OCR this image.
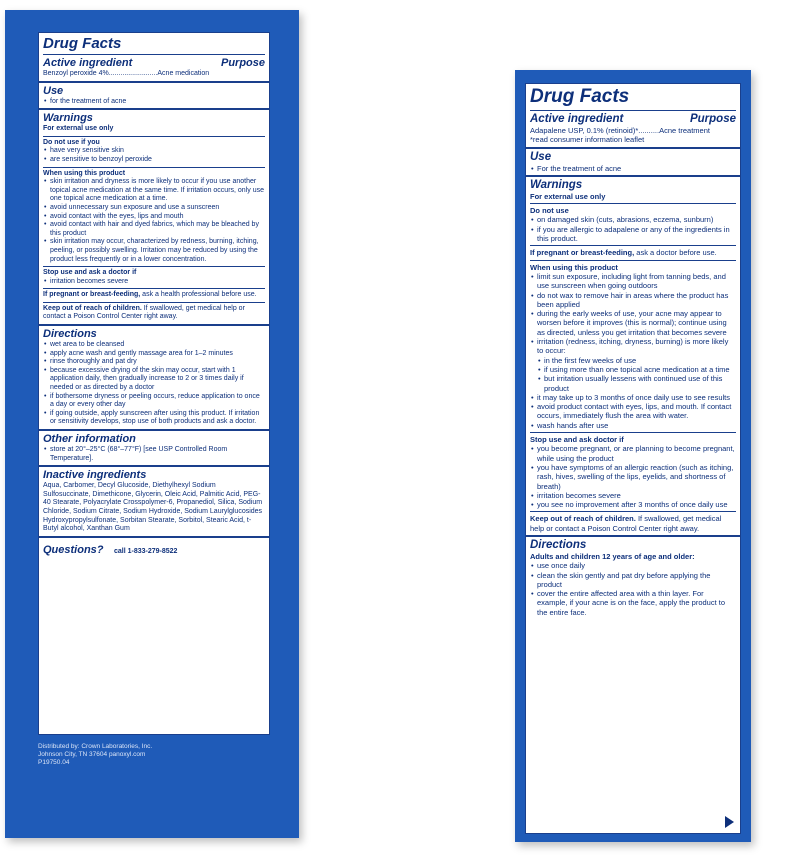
Drug Facts
Active ingredient	Purpose
Benzoyl peroxide 4%.........................Acne medication
Use
• for the treatment of acne
Warnings
For external use only
Do not use if you
• have very sensitive skin
• are sensitive to benzoyl peroxide
When using this product
• skin irritation and dryness is more likely to occur if you use another topical acne medication at the same time. If irritation occurs, only use one topical acne medication at a time.
• avoid unnecessary sun exposure and use a sunscreen
• avoid contact with the eyes, lips and mouth
• avoid contact with hair and dyed fabrics, which may be bleached by this product
• skin irritation may occur, characterized by redness, burning, itching, peeling, or possibly swelling. Irritation may be reduced by using the product less frequently or in a lower concentration.
Stop use and ask a doctor if
• irritation becomes severe
If pregnant or breast-feeding, ask a health professional before use.
Keep out of reach of children. If swallowed, get medical help or contact a Poison Control Center right away.
Directions
• wet area to be cleansed
• apply acne wash and gently massage area for 1–2 minutes
• rinse thoroughly and pat dry
• because excessive drying of the skin may occur, start with 1 application daily, then gradually increase to 2 or 3 times daily if needed or as directed by a doctor
• if bothersome dryness or peeling occurs, reduce application to once a day or every other day
• if going outside, apply sunscreen after using this product. If irritation or sensitivity develops, stop use of both products and ask a doctor.
Other information
• store at 20°–25°C (68°–77°F) [see USP Controlled Room Temperature].
Inactive ingredients
Aqua, Carbomer, Decyl Glucoside, Diethylhexyl Sodium Sulfosuccinate, Dimethicone, Glycerin, Oleic Acid, Palmitic Acid, PEG-40 Stearate, Polyacrylate Crosspolymer-6, Propanediol, Silica, Sodium Chloride, Sodium Citrate, Sodium Hydroxide, Sodium Laurylglucosides Hydroxypropylsulfonate, Sorbitan Stearate, Sorbitol, Stearic Acid, t-Butyl alcohol, Xanthan Gum
Questions? call 1-833-279-8522
Distributed by: Crown Laboratories, Inc.
Johnson City, TN 37604 panoxyl.com
P19750.04
Drug Facts
Active ingredient	Purpose
Adapalene USP, 0.1% (retinoid)*..........Acne treatment
*read consumer information leaflet
Use
• For the treatment of acne
Warnings
For external use only
Do not use
• on damaged skin (cuts, abrasions, eczema, sunburn)
• if you are allergic to adapalene or any of the ingredients in this product.
If pregnant or breast-feeding, ask a doctor before use.
When using this product
• limit sun exposure, including light from tanning beds, and use sunscreen when going outdoors
• do not wax to remove hair in areas where the product has been applied
• during the early weeks of use, your acne may appear to worsen before it improves (this is normal); continue using as directed, unless you get irritation that becomes severe
• irritation (redness, itching, dryness, burning) is more likely to occur:
• in the first few weeks of use
• if using more than one topical acne medication at a time
• but irritation usually lessens with continued use of this product
• it may take up to 3 months of once daily use to see results
• avoid product contact with eyes, lips, and mouth. If contact occurs, immediately flush the area with water.
• wash hands after use
Stop use and ask doctor if
• you become pregnant, or are planning to become pregnant, while using the product
• you have symptoms of an allergic reaction (such as itching, rash, hives, swelling of the lips, eyelids, and shortness of breath)
• irritation becomes severe
• you see no improvement after 3 months of once daily use
Keep out of reach of children. If swallowed, get medical help or contact a Poison Control Center right away.
Directions
Adults and children 12 years of age and older:
• use once daily
• clean the skin gently and pat dry before applying the product
• cover the entire affected area with a thin layer. For example, if your acne is on the face, apply the product to the entire face.
